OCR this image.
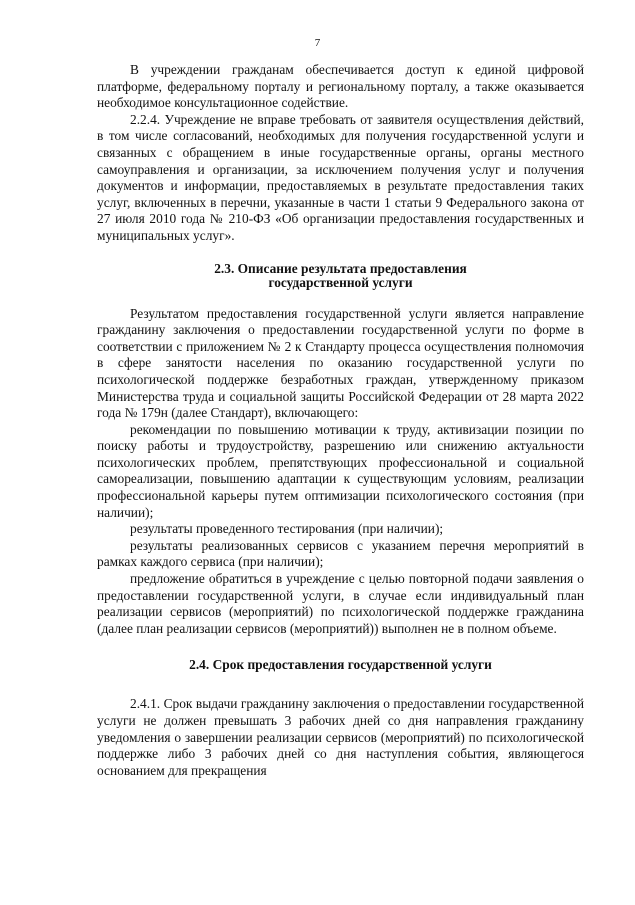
7

В учреждении гражданам обеспечивается доступ к единой цифровой платформе, федеральному порталу и региональному порталу, а также оказывается необходимое консультационное содействие.

2.2.4. Учреждение не вправе требовать от заявителя осуществления действий, в том числе согласований, необходимых для получения государственной услуги и связанных с обращением в иные государственные органы, органы местного самоуправления и организации, за исключением получения услуг и получения документов и информации, предоставляемых в результате предоставления таких услуг, включенных в перечни, указанные в части 1 статьи 9 Федерального закона от 27 июля 2010 года № 210-ФЗ «Об организации предоставления государственных и муниципальных услуг».

2.3. Описание результата предоставления
государственной услуги

Результатом предоставления государственной услуги является направление гражданину заключения о предоставлении государственной услуги по форме в соответствии с приложением № 2 к Стандарту процесса осуществления полномочия в сфере занятости населения по оказанию государственной услуги по психологической поддержке безработных граждан, утвержденному приказом Министерства труда и социальной защиты Российской Федерации от 28 марта 2022 года № 179н (далее Стандарт), включающего:

рекомендации по повышению мотивации к труду, активизации позиции по поиску работы и трудоустройству, разрешению или снижению актуальности психологических проблем, препятствующих профессиональной и социальной самореализации, повышению адаптации к существующим условиям, реализации профессиональной карьеры путем оптимизации психологического состояния (при наличии);

результаты проведенного тестирования (при наличии);

результаты реализованных сервисов с указанием перечня мероприятий в рамках каждого сервиса (при наличии);

предложение обратиться в учреждение с целью повторной подачи заявления о предоставлении государственной услуги, в случае если индивидуальный план реализации сервисов (мероприятий) по психологической поддержке гражданина (далее план реализации сервисов (мероприятий)) выполнен не в полном объеме.

2.4. Срок предоставления государственной услуги

2.4.1. Срок выдачи гражданину заключения о предоставлении государственной услуги не должен превышать 3 рабочих дней со дня направления гражданину уведомления о завершении реализации сервисов (мероприятий) по психологической поддержке либо 3 рабочих дней со дня наступления события, являющегося основанием для прекращения
